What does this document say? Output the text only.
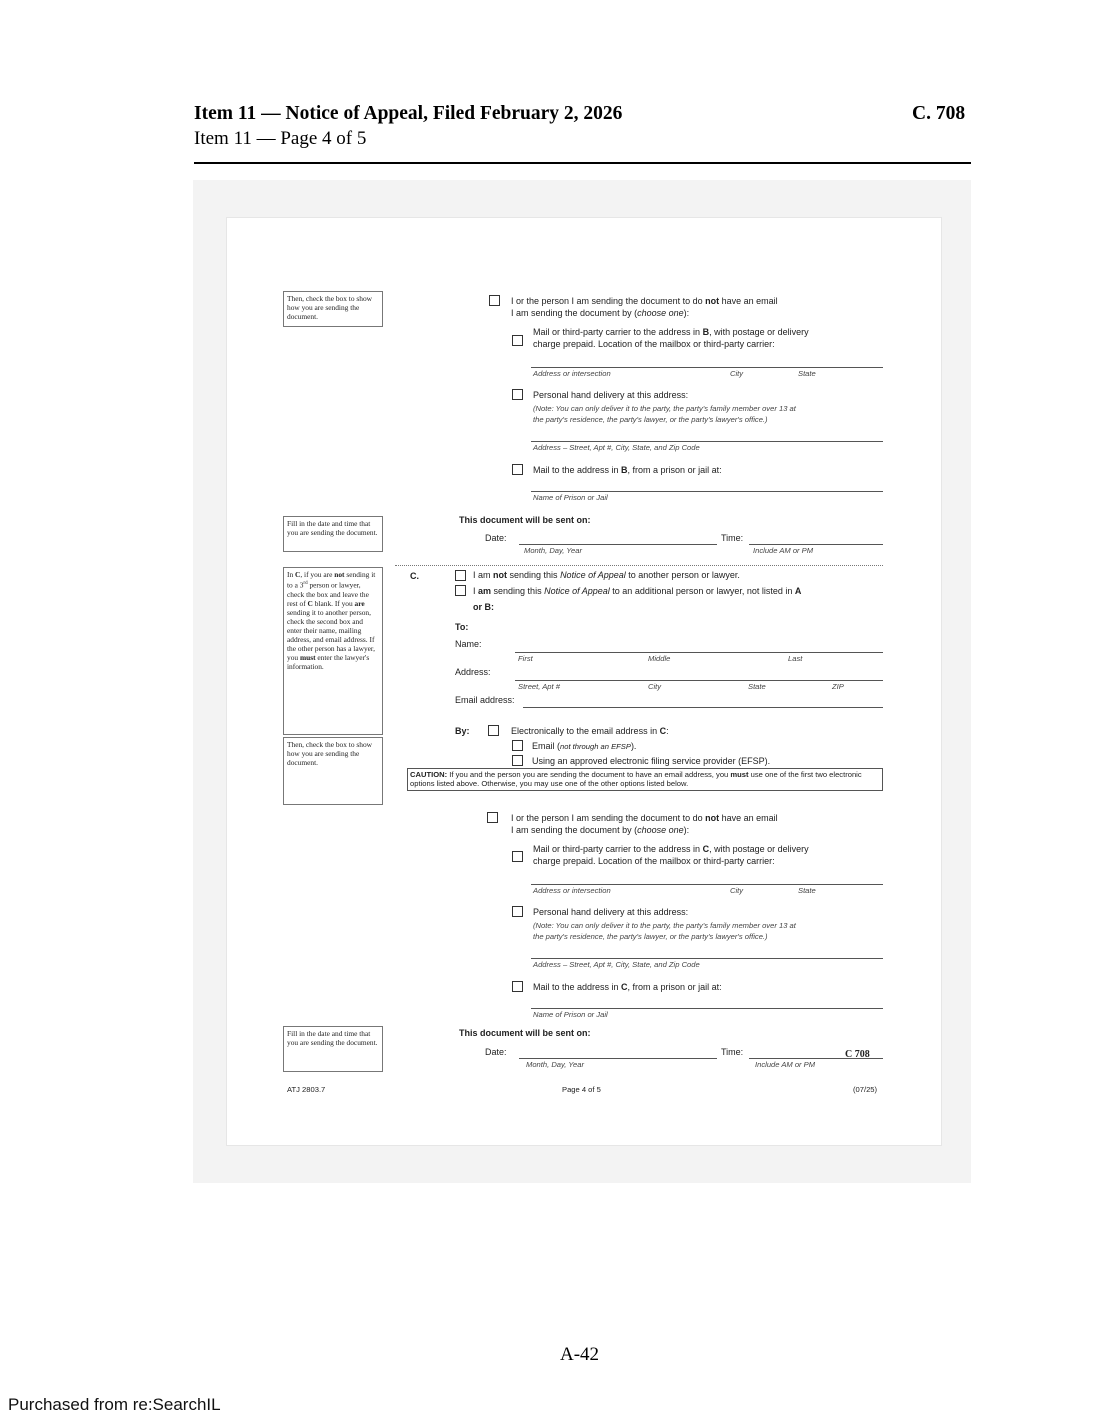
Item 11 — Notice of Appeal, Filed February 2, 2026
Item 11 — Page 4 of 5
C. 708
Then, check the box to show how you are sending the document.
Fill in the date and time that you are sending the document.
In C, if you are not sending it to a 3rd person or lawyer, check the box and leave the rest of C blank. If you are sending it to another person, check the second box and enter their name, mailing address, and email address. If the other person has a lawyer, you must enter the lawyer's information.
Then, check the box to show how you are sending the document.
Fill in the date and time that you are sending the document.
I or the person I am sending the document to do not have an email
I am sending the document by (choose one):
Mail or third-party carrier to the address in B, with postage or delivery
charge prepaid. Location of the mailbox or third-party carrier:
Address or intersection	City	State
Personal hand delivery at this address:
(Note: You can only deliver it to the party, the party's family member over 13 at
the party's residence, the party's lawyer, or the party's lawyer's office.)
Address – Street, Apt #, City, State, and Zip Code
Mail to the address in B, from a prison or jail at:
Name of Prison or Jail
This document will be sent on:
Date:
Month, Day, Year
Time:
Include AM or PM
C.	I am not sending this Notice of Appeal to another person or lawyer.
I am sending this Notice of Appeal to an additional person or lawyer, not listed in A
or B:
To:
Name:
First	Middle	Last
Address:
Street, Apt #	City	State	ZIP
Email address:
By:	Electronically to the email address in C:
Email (not through an EFSP).
Using an approved electronic filing service provider (EFSP).
CAUTION: If you and the person you are sending the document to have an email address, you must use one of the first two electronic options listed above. Otherwise, you may use one of the other options listed below.
I or the person I am sending the document to do not have an email
I am sending the document by (choose one):
Mail or third-party carrier to the address in C, with postage or delivery
charge prepaid. Location of the mailbox or third-party carrier:
Address or intersection	City	State
Personal hand delivery at this address:
(Note: You can only deliver it to the party, the party's family member over 13 at
the party's residence, the party's lawyer, or the party's lawyer's office.)
Address – Street, Apt #, City, State, and Zip Code
Mail to the address in C, from a prison or jail at:
Name of Prison or Jail
This document will be sent on:
Date:
Month, Day, Year
Time:
Include AM or PM
C 708
ATJ 2803.7	Page 4 of 5	(07/25)
A-42
Purchased from re:SearchIL
